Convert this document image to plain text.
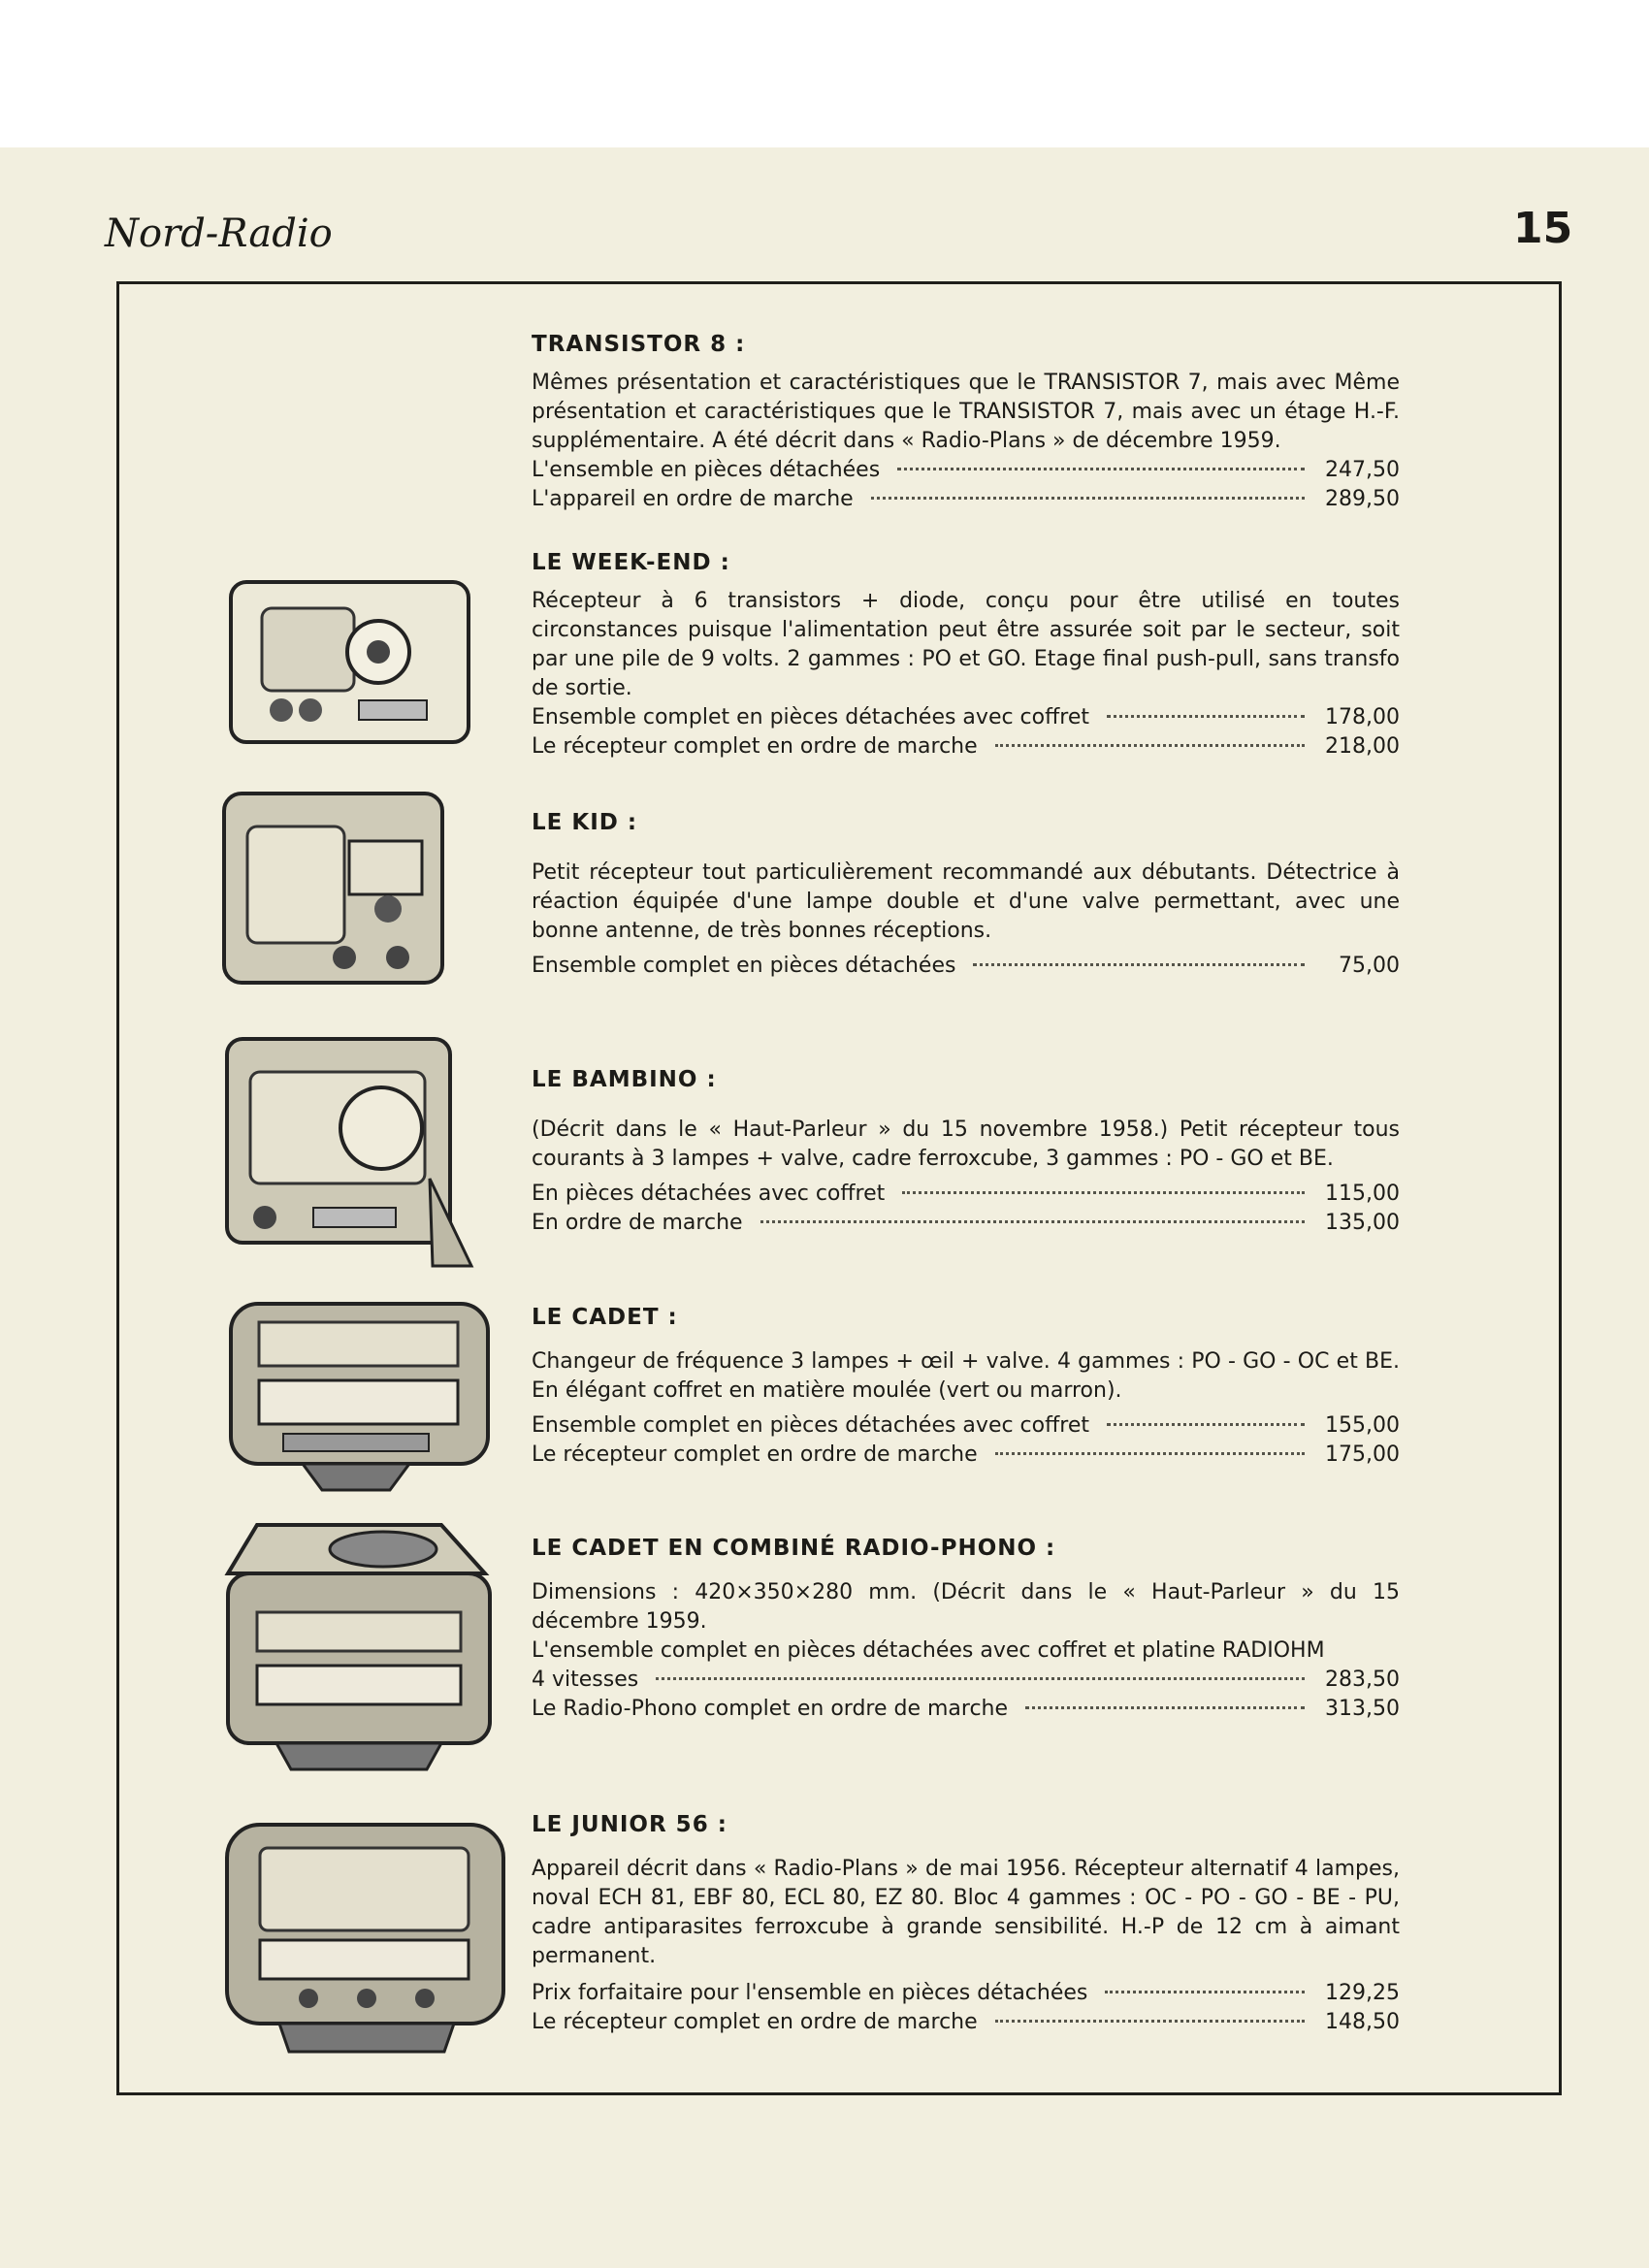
Nord-Radio	15
TRANSISTOR 8 :

Mêmes présentation et caractéristiques que le TRANSISTOR 7, mais avec Même présentation et caractéristiques que le TRANSISTOR 7, mais avec un étage H.-F. supplémentaire. A été décrit dans « Radio-Plans » de décembre 1959.

L'ensemble en pièces détachées	247,50
L'appareil en ordre de marche	289,50
LE WEEK-END :

Récepteur à 6 transistors + diode, conçu pour être utilisé en toutes circonstances puisque l'alimentation peut être assurée soit par le secteur, soit par une pile de 9 volts. 2 gammes : PO et GO. Etage final push-pull, sans transfo de sortie.

Ensemble complet en pièces détachées avec coffret	178,00
Le récepteur complet en ordre de marche	218,00
LE KID :

Petit récepteur tout particulièrement recommandé aux débutants. Détectrice à réaction équipée d'une lampe double et d'une valve permettant, avec une bonne antenne, de très bonnes réceptions.

Ensemble complet en pièces détachées	75,00
LE BAMBINO :

(Décrit dans le « Haut-Parleur » du 15 novembre 1958.) Petit récepteur tous courants à 3 lampes + valve, cadre ferroxcube, 3 gammes : PO - GO et BE.

En pièces détachées avec coffret	115,00
En ordre de marche	135,00
LE CADET :

Changeur de fréquence 3 lampes + œil + valve. 4 gammes : PO - GO - OC et BE. En élégant coffret en matière moulée (vert ou marron).

Ensemble complet en pièces détachées avec coffret	155,00
Le récepteur complet en ordre de marche	175,00
LE CADET EN COMBINÉ RADIO-PHONO :

Dimensions : 420×350×280 mm. (Décrit dans le « Haut-Parleur » du 15 décembre 1959.
L'ensemble complet en pièces détachées avec coffret et platine RADIOHM

4 vitesses	283,50
Le Radio-Phono complet en ordre de marche	313,50
LE JUNIOR 56 :

Appareil décrit dans « Radio-Plans » de mai 1956. Récepteur alternatif 4 lampes, noval ECH 81, EBF 80, ECL 80, EZ 80. Bloc 4 gammes : OC - PO - GO - BE - PU, cadre antiparasites ferroxcube à grande sensibilité. H.-P de 12 cm à aimant permanent.

Prix forfaitaire pour l'ensemble en pièces détachées	129,25
Le récepteur complet en ordre de marche	148,50
